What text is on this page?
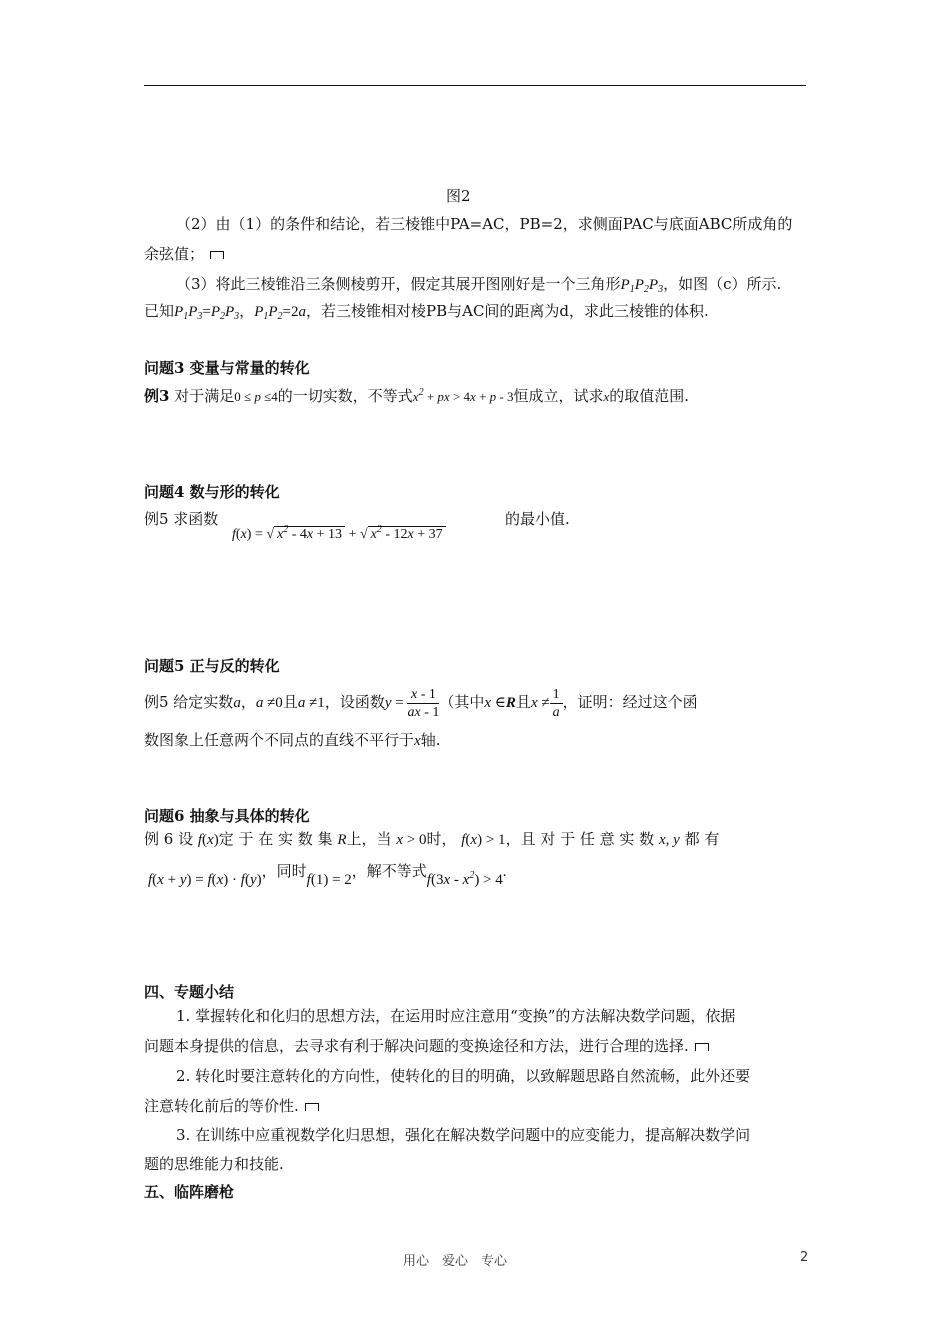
图2
（2）由（1）的条件和结论，若三棱锥中PA=AC，PB=2，求侧面PAC与底面ABC所成角的
余弦值；
（3）将此三棱锥沿三条侧棱剪开，假定其展开图刚好是一个三角形$P_1P_2P_3$，如图（c）所示.
已知$P_1P_3=P_2P_3$，$P_1P_2=2a$，若三棱锥相对棱PB与AC间的距离为d，求此三棱锥的体积.
问题3 变量与常量的转化
例3 对于满足0 ≤ p ≤4的一切实数，不等式$x^2$ + px > 4x + p - 3恒成立，试求x的取值范围.
问题4 数与形的转化
例5 求函数
f(x) = √ $x^2 - 4x + 13$ + √ $x^2 - 12x + 37$
的最小值.
问题5 正与反的转化
例5 给定实数a，a ≠0且a ≠1，设函数$y = \frac{x - 1}{ax - 1}$ （其中x ∈R且$x \ne \frac{1}{a}$ ，证明：经过这个函
数图象上任意两个不同点的直线不平行于x轴.
问题6 抽象与具体的转化
例 6 设 f(x)定 于 在 实 数 集 R上，当 x > 0时， f(x) > 1，且 对 于 任 意 实 数 x, y 都 有
f(x + y) = f(x) · f(y)，同时f(1) = 2，解不等式$f(3x - x^2) > 4$.
四、专题小结
1. 掌握转化和化归的思想方法，在运用时应注意用“变换”的方法解决数学问题，依据
问题本身提供的信息，去寻求有利于解决问题的变换途径和方法，进行合理的选择.
2. 转化时要注意转化的方向性，使转化的目的明确，以致解题思路自然流畅，此外还要
注意转化前后的等价性.
3. 在训练中应重视数学化归思想，强化在解决数学问题中的应变能力，提高解决数学问
题的思维能力和技能.
五、临阵磨枪
用心　爱心　专心	2
